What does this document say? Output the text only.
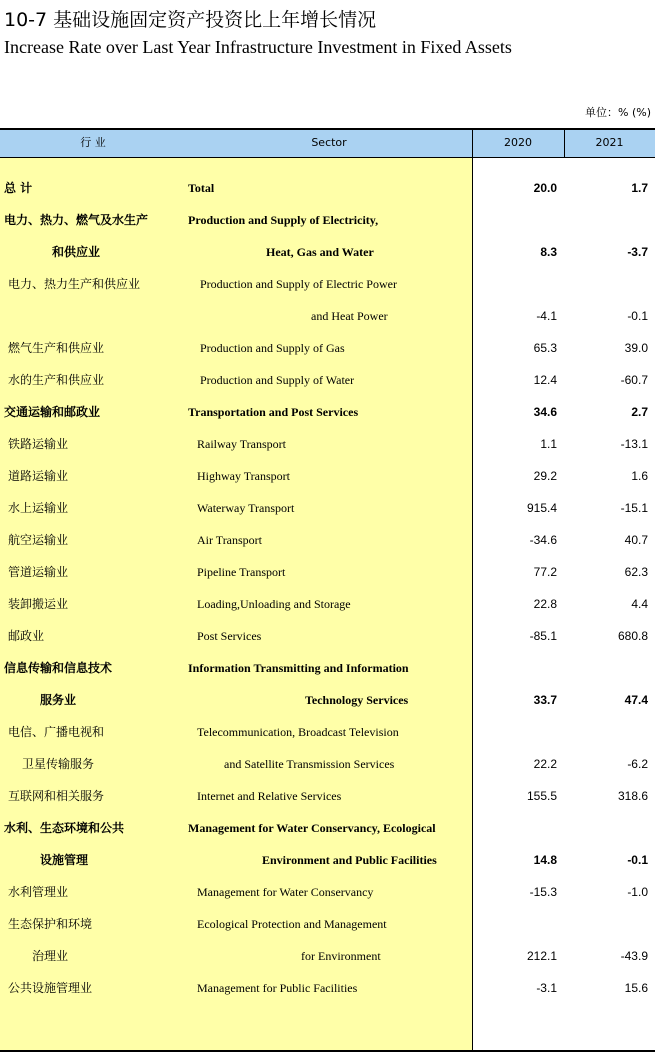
10-7 基础设施固定资产投资比上年增长情况
Increase Rate over Last Year Infrastructure Investment in Fixed Assets
单位：% (%)
行 业	Sector	2020	2021
总 计	Total	20.0	1.7
电力、热力、燃气及水生产	Production and Supply of Electricity,
和供应业	Heat, Gas and Water	8.3	-3.7
电力、热力生产和供应业	Production and Supply of Electric Power
and Heat Power	-4.1	-0.1
燃气生产和供应业	Production and Supply of Gas	65.3	39.0
水的生产和供应业	Production and Supply of Water	12.4	-60.7
交通运输和邮政业	Transportation and Post Services	34.6	2.7
铁路运输业	Railway Transport	1.1	-13.1
道路运输业	Highway Transport	29.2	1.6
水上运输业	Waterway Transport	915.4	-15.1
航空运输业	Air Transport	-34.6	40.7
管道运输业	Pipeline Transport	77.2	62.3
装卸搬运业	Loading,Unloading and Storage	22.8	4.4
邮政业	Post Services	-85.1	680.8
信息传输和信息技术	Information Transmitting and Information
服务业	Technology Services	33.7	47.4
电信、广播电视和	Telecommunication, Broadcast Television
卫星传输服务	and Satellite Transmission Services	22.2	-6.2
互联网和相关服务	Internet and Relative Services	155.5	318.6
水利、生态环境和公共	Management for Water Conservancy, Ecological
设施管理	Environment and Public Facilities	14.8	-0.1
水利管理业	Management for Water Conservancy	-15.3	-1.0
生态保护和环境	Ecological Protection and Management
治理业	for Environment	212.1	-43.9
公共设施管理业	Management for Public Facilities	-3.1	15.6
